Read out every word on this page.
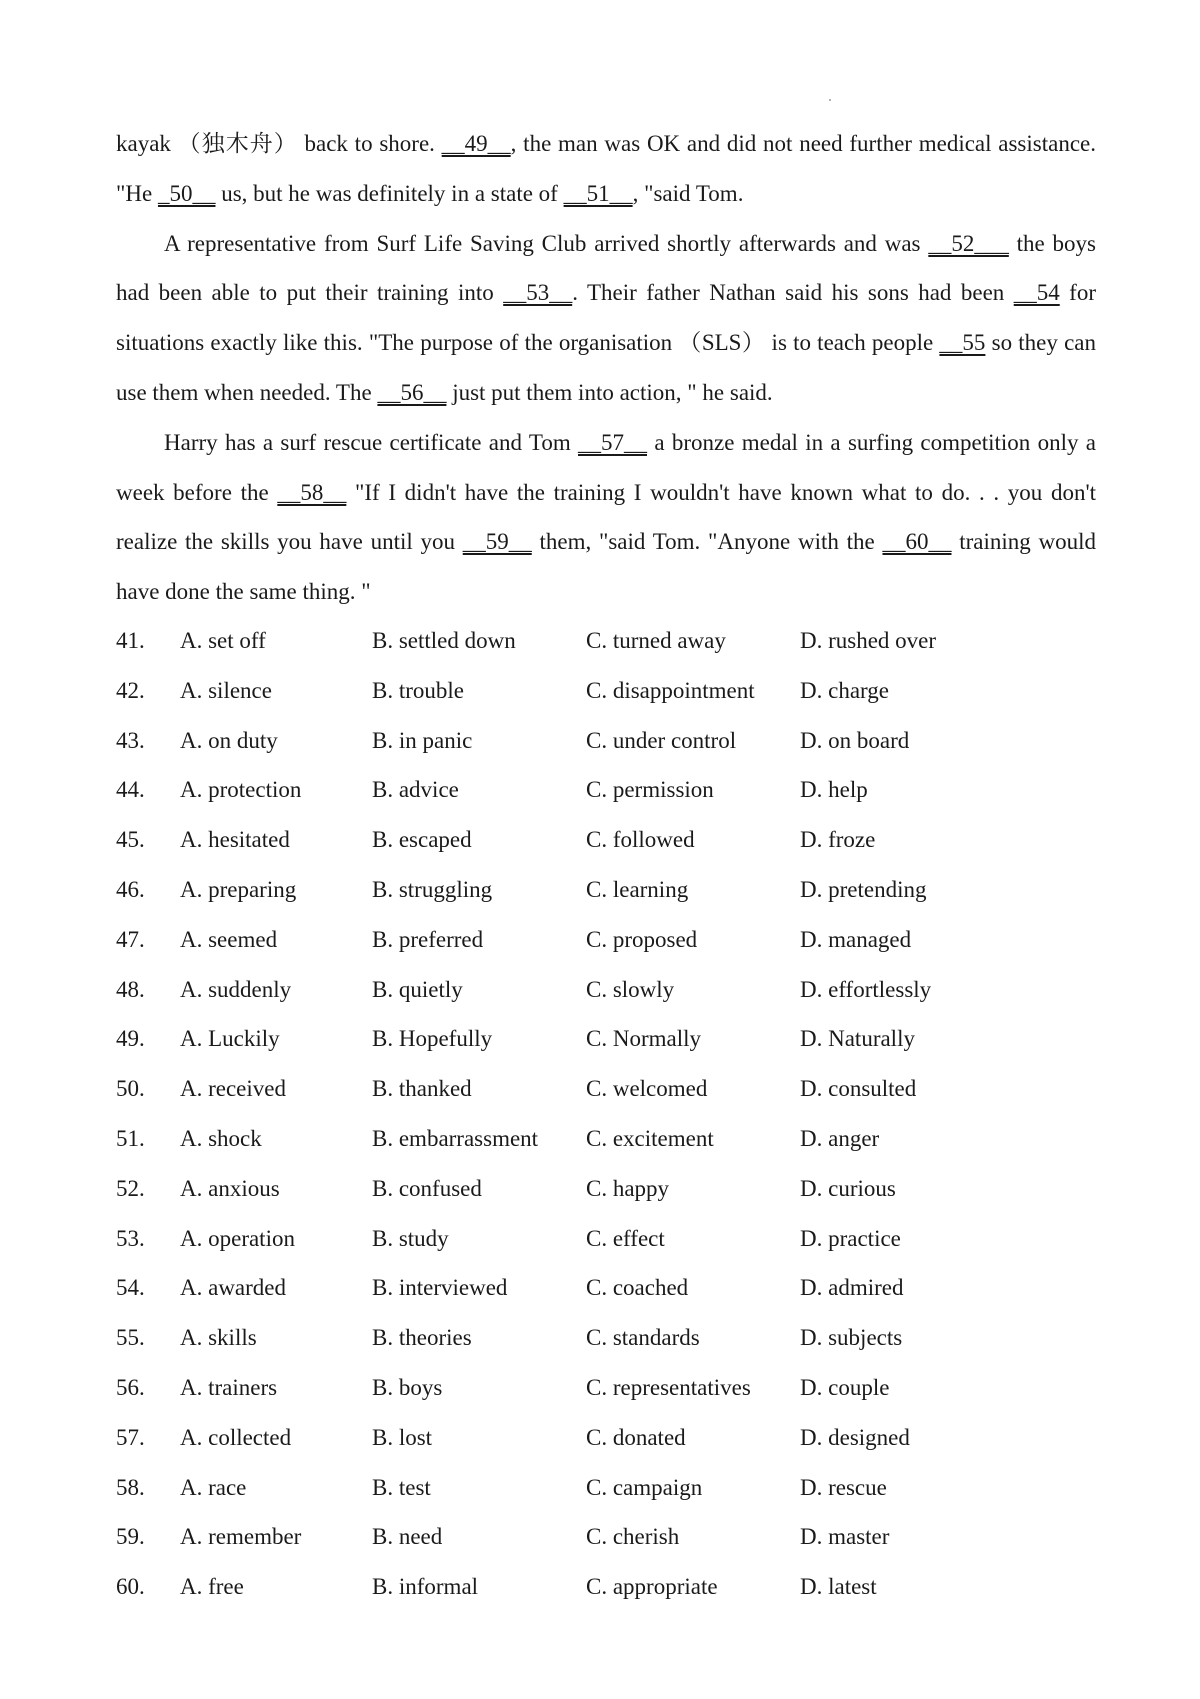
kayak （独木舟） back to shore. __49__, the man was OK and did not need further medical assistance. "He _50__ us, but he was definitely in a state of __51__, "said Tom.

A representative from Surf Life Saving Club arrived shortly afterwards and was __52___ the boys had been able to put their training into __53__. Their father Nathan said his sons had been __54 for situations exactly like this. "The purpose of the organisation （SLS） is to teach people __55 so they can use them when needed. The __56__ just put them into action, " he said.

Harry has a surf rescue certificate and Tom __57__ a bronze medal in a surfing competition only a week before the __58__ "If I didn't have the training I wouldn't have known what to do. . . you don't realize the skills you have until you __59__ them, "said Tom. "Anyone with the __60__ training would have done the same thing. "

41. A. set off	B. settled down	C. turned away	D. rushed over
42. A. silence	B. trouble	C. disappointment D. charge
43. A. on duty	B. in panic	C. under control	D. on board
44. A. protection	B. advice	C. permission	D. help
45. A. hesitated	B. escaped	C. followed	D. froze
46. A. preparing	B. struggling	C. learning	D. pretending
47. A. seemed	B. preferred	C. proposed	D. managed
48. A. suddenly	B. quietly	C. slowly	D. effortlessly
49. A. Luckily	B. Hopefully	C. Normally	D. Naturally
50. A. received	B. thanked	C. welcomed	D. consulted
51. A. shock	B. embarrassment C. excitement	D. anger
52. A. anxious	B. confused	C. happy	D. curious
53. A. operation	B. study	C. effect	D. practice
54. A. awarded	B. interviewed	C. coached	D. admired
55. A. skills	B. theories	C. standards	D. subjects
56. A. trainers	B. boys	C. representatives D. couple
57. A. collected	B. lost	C. donated	D. designed
58. A. race	B. test	C. campaign	D. rescue
59. A. remember	B. need	C. cherish	D. master
60. A. free	B. informal	C. appropriate	D. latest
